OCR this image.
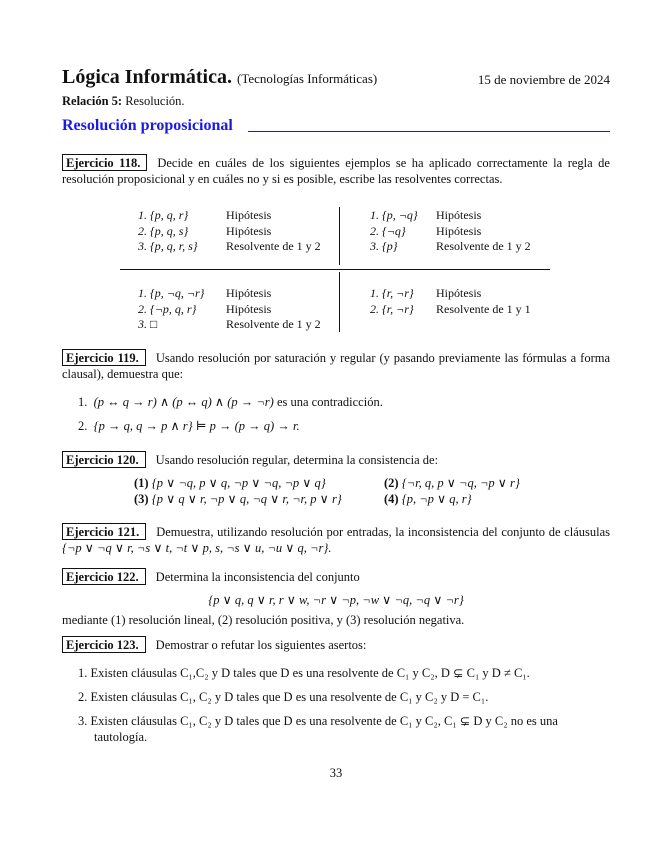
Lógica Informática. (Tecnologías Informáticas)	15 de noviembre de 2024
Relación 5: Resolución.
Resolución proposicional
Ejercicio 118. Decide en cuáles de los siguientes ejemplos se ha aplicado correctamente la regla de resolución proposicional y en cuáles no y si es posible, escribe las resolventes correctas.
1. {p, q, r}	Hipótesis
2. {p, q, s}	Hipótesis
3. {p, q, r, s} Resolvente de 1 y 2
1. {p, ¬q} Hipótesis
2. {¬q}	Hipótesis
3. {p}	Resolvente de 1 y 2
1. {p, ¬q, ¬r} Hipótesis
2. {¬p, q, r} Hipótesis
3. □	Resolvente de 1 y 2
1. {r, ¬r} Hipótesis
2. {r, ¬r} Resolvente de 1 y 1
Ejercicio 119. Usando resolución por saturación y regular (y pasando previamente las fórmulas a forma clausal), demuestra que:
1.  (p ↔ q → r) ∧ (p ↔ q) ∧ (p → ¬r) es una contradicción.
2.  {p → q, q → p ∧ r} ⊨ p → (p → q) → r.
Ejercicio 120. Usando resolución regular, determina la consistencia de:
(1) {p ∨ ¬q, p ∨ q, ¬p ∨ ¬q, ¬p ∨ q}	(2) {¬r, q, p ∨ ¬q, ¬p ∨ r}
(3) {p ∨ q ∨ r, ¬p ∨ q, ¬q ∨ r, ¬r, p ∨ r}	(4) {p, ¬p ∨ q, r}
Ejercicio 121. Demuestra, utilizando resolución por entradas, la inconsistencia del conjunto de cláusulas {¬p ∨ ¬q ∨ r, ¬s ∨ t, ¬t ∨ p, s, ¬s ∨ u, ¬u ∨ q, ¬r}.
Ejercicio 122. Determina la inconsistencia del conjunto
{p ∨ q, q ∨ r, r ∨ w, ¬r ∨ ¬p, ¬w ∨ ¬q, ¬q ∨ ¬r}
mediante (1) resolución lineal, (2) resolución positiva, y (3) resolución negativa.
Ejercicio 123. Demostrar o refutar los siguientes asertos:
1. Existen cláusulas C₁,C₂ y D tales que D es una resolvente de C₁ y C₂, D ⊊ C₁ y D ≠ C₁.
2. Existen cláusulas C₁, C₂ y D tales que D es una resolvente de C₁ y C₂ y D = C₁.
3. Existen cláusulas C₁, C₂ y D tales que D es una resolvente de C₁ y C₂, C₁ ⊊ D y C₂ no es una
tautología.
33
